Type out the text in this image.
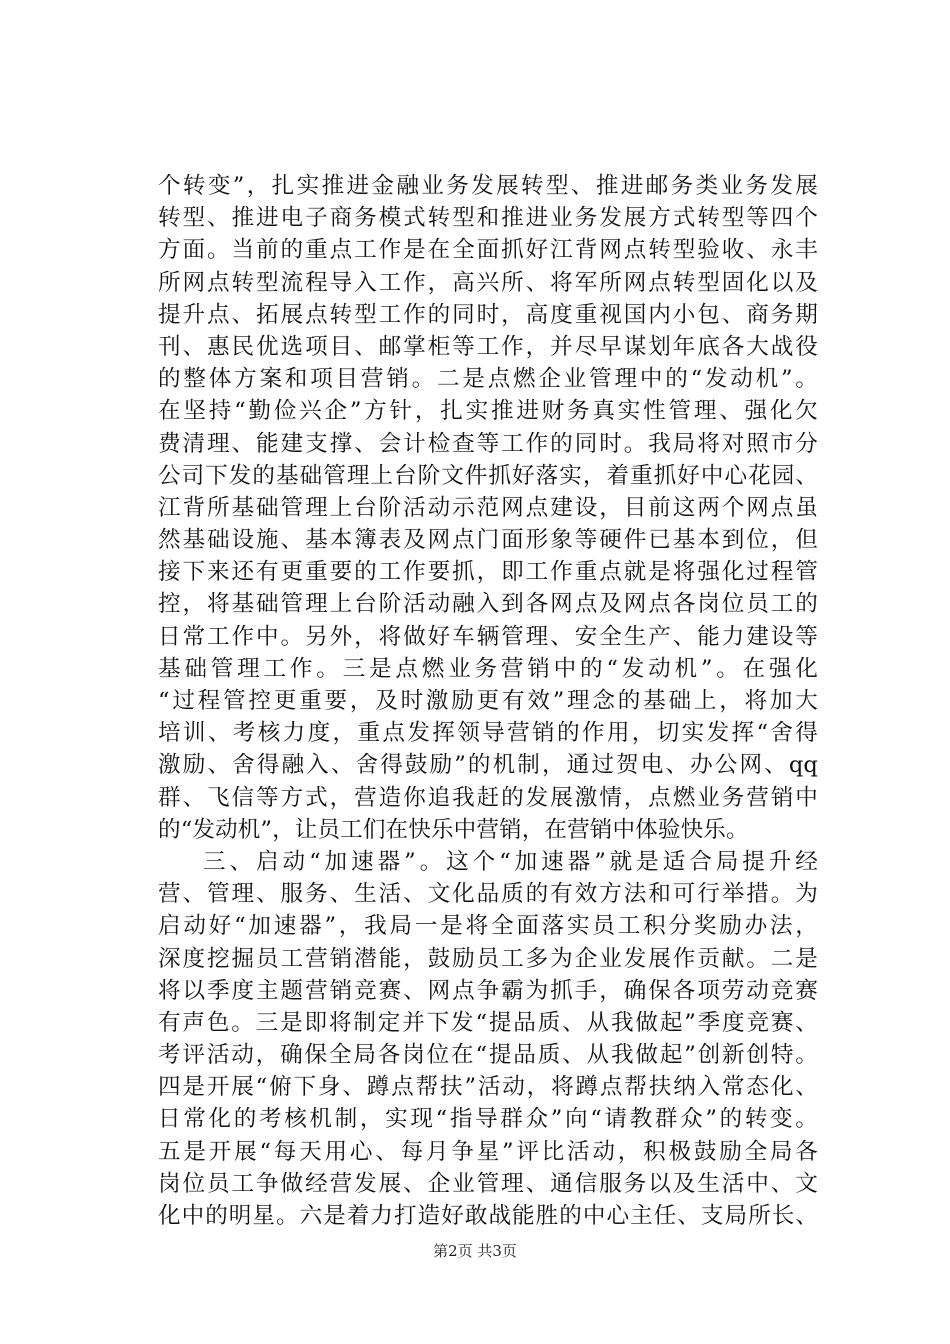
个转变”，扎实推进金融业务发展转型、推进邮务类业务发展
转型、推进电子商务模式转型和推进业务发展方式转型等四个
方面。当前的重点工作是在全面抓好江背网点转型验收、永丰
所网点转型流程导入工作，高兴所、将军所网点转型固化以及
提升点、拓展点转型工作的同时，高度重视国内小包、商务期
刊、惠民优选项目、邮掌柜等工作，并尽早谋划年底各大战役
的整体方案和项目营销。二是点燃企业管理中的“发动机”。
在坚持“勤俭兴企”方针，扎实推进财务真实性管理、强化欠
费清理、能建支撑、会计检查等工作的同时。我局将对照市分
公司下发的基础管理上台阶文件抓好落实，着重抓好中心花园、
江背所基础管理上台阶活动示范网点建设，目前这两个网点虽
然基础设施、基本簿表及网点门面形象等硬件已基本到位，但
接下来还有更重要的工作要抓，即工作重点就是将强化过程管
控，将基础管理上台阶活动融入到各网点及网点各岗位员工的
日常工作中。另外，将做好车辆管理、安全生产、能力建设等
基础管理工作。三是点燃业务营销中的“发动机”。在强化
“过程管控更重要，及时激励更有效”理念的基础上，将加大
培训、考核力度，重点发挥领导营销的作用，切实发挥“舍得
激励、舍得融入、舍得鼓励”的机制，通过贺电、办公网、qq
群、飞信等方式，营造你追我赶的发展激情，点燃业务营销中
的“发动机”，让员工们在快乐中营销，在营销中体验快乐。
三、启动“加速器”。这个“加速器”就是适合局提升经
营、管理、服务、生活、文化品质的有效方法和可行举措。为
启动好“加速器”，我局一是将全面落实员工积分奖励办法，
深度挖掘员工营销潜能，鼓励员工多为企业发展作贡献。二是
将以季度主题营销竞赛、网点争霸为抓手，确保各项劳动竞赛
有声色。三是即将制定并下发“提品质、从我做起”季度竞赛、
考评活动，确保全局各岗位在“提品质、从我做起”创新创特。
四是开展“俯下身、蹲点帮扶”活动，将蹲点帮扶纳入常态化、
日常化的考核机制，实现“指导群众”向“请教群众”的转变。
五是开展“每天用心、每月争星”评比活动，积极鼓励全局各
岗位员工争做经营发展、企业管理、通信服务以及生活中、文
化中的明星。六是着力打造好敢战能胜的中心主任、支局所长、
第2页 共3页
